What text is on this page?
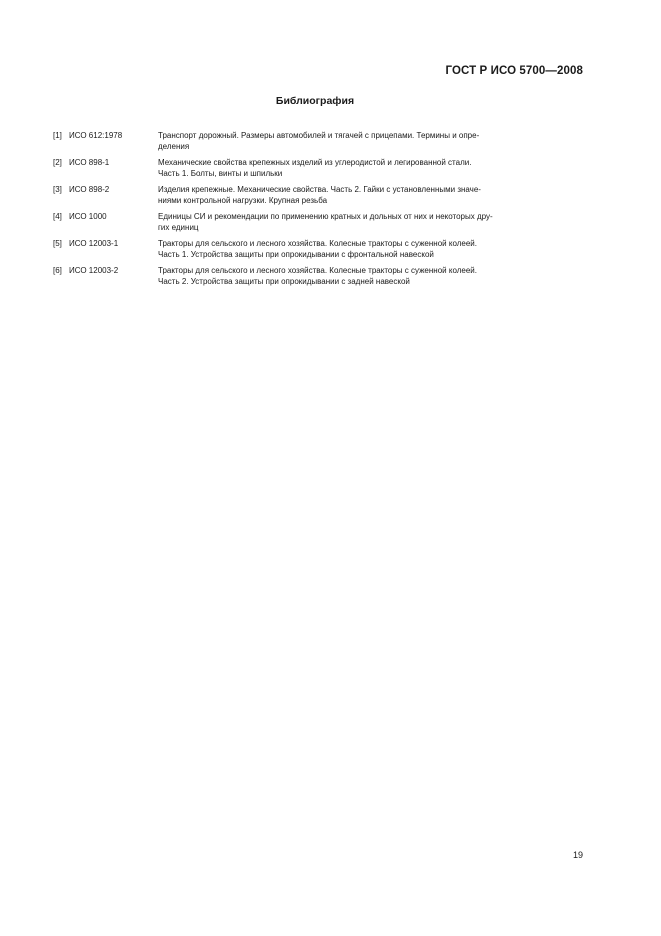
ГОСТ Р ИСО 5700—2008
Библиография
[1] ИСО 612:1978	Транспорт дорожный. Размеры автомобилей и тягачей с прицепами. Термины и опре-
деления
[2] ИСО 898-1	Механические свойства крепежных изделий из углеродистой и легированной стали.
Часть 1. Болты, винты и шпильки
[3] ИСО 898-2	Изделия крепежные. Механические свойства. Часть 2. Гайки с установленными значе-
ниями контрольной нагрузки. Крупная резьба
[4] ИСО 1000	Единицы СИ и рекомендации по применению кратных и дольных от них и некоторых дру-
гих единиц
[5] ИСО 12003-1	Тракторы для сельского и лесного хозяйства. Колесные тракторы с суженной колеей.
Часть 1. Устройства защиты при опрокидывании с фронтальной навеской
[6] ИСО 12003-2	Тракторы для сельского и лесного хозяйства. Колесные тракторы с суженной колеей.
Часть 2. Устройства защиты при опрокидывании с задней навеской
19
